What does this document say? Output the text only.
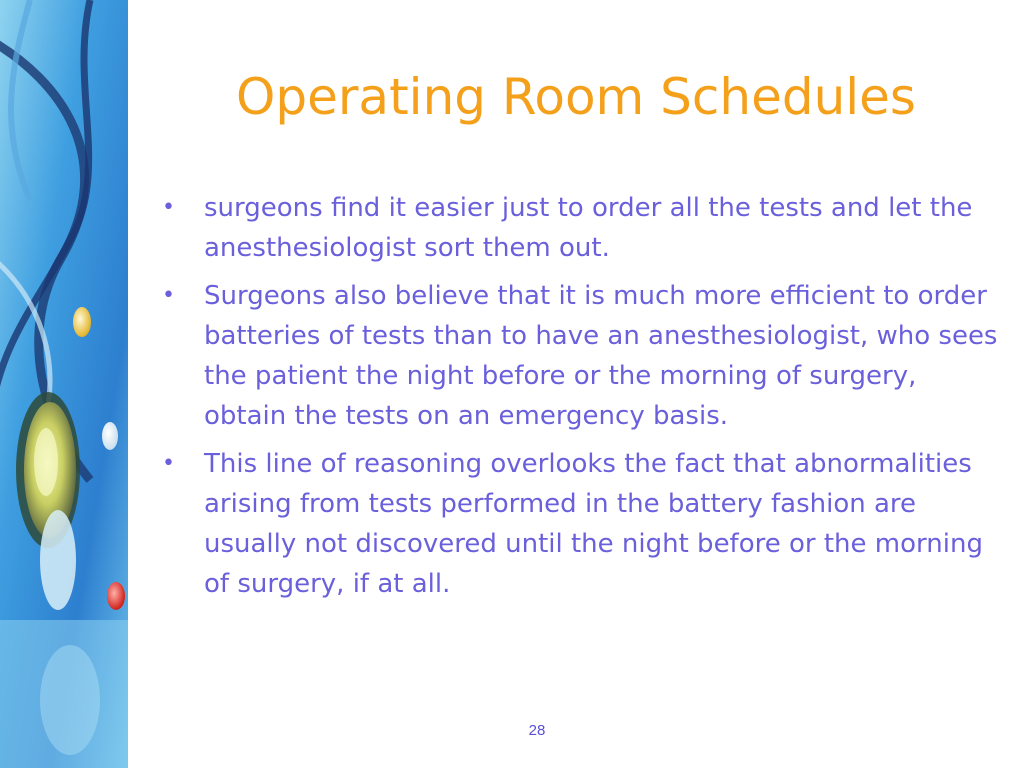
Operating Room Schedules
•	surgeons find it easier just to order all the tests and let the anesthesiologist sort them out.
•	Surgeons also believe that it is much more efficient to order batteries of tests than to have an anesthesiologist, who sees the patient the night before or the morning of surgery, obtain the tests on an emergency basis.
•	This line of reasoning overlooks the fact that abnormalities arising from tests performed in the battery fashion are usually not discovered until the night before or the morning of surgery, if at all.
28
